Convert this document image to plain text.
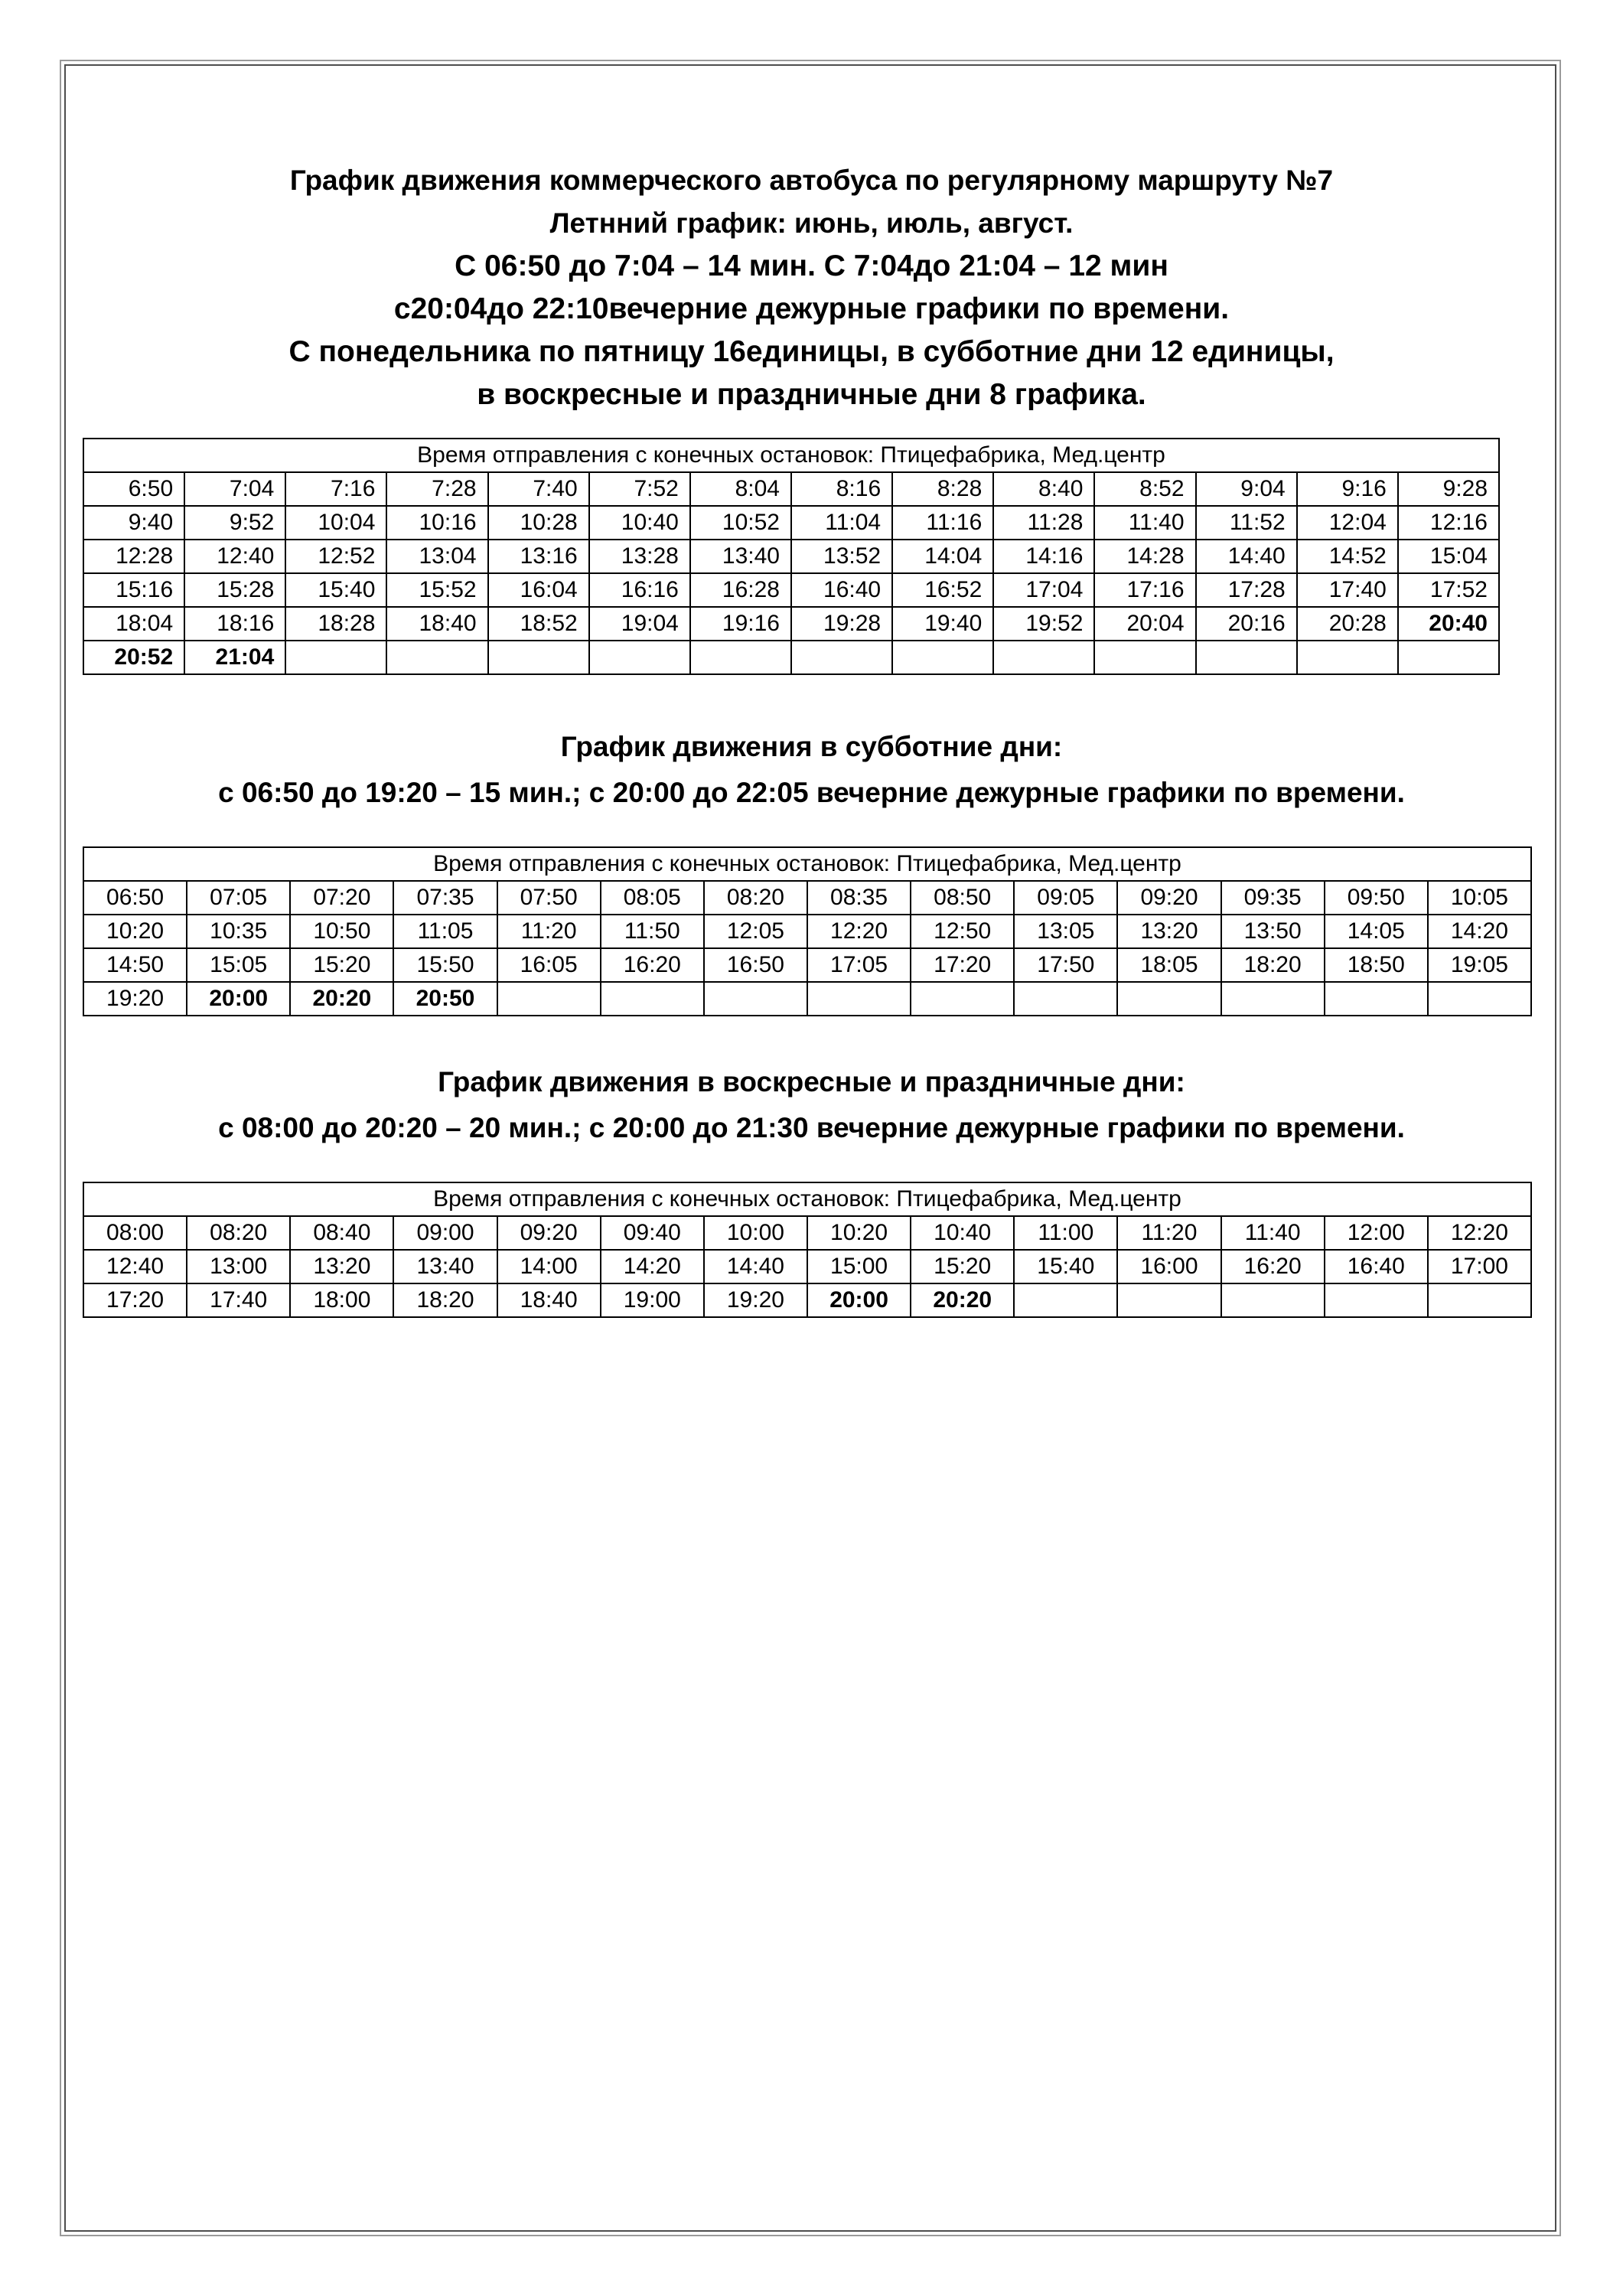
График движения коммерческого автобуса по регулярному маршруту №7
Летнний график: июнь, июль, август.
С 06:50 до 7:04 – 14 мин. С 7:04до 21:04 – 12 мин
с20:04до 22:10вечерние дежурные графики по времени.
С понедельника по пятницу 16единицы, в субботние дни 12 единицы,
в воскресные и праздничные дни 8 графика.
Время отправления с конечных остановок: Птицефабрика, Мед.центр													
6:50	7:04	7:16	7:28	7:40	7:52	8:04	8:16	8:28	8:40	8:52	9:04	9:16	9:28
9:40	9:52	10:04	10:16	10:28	10:40	10:52	11:04	11:16	11:28	11:40	11:52	12:04	12:16
12:28	12:40	12:52	13:04	13:16	13:28	13:40	13:52	14:04	14:16	14:28	14:40	14:52	15:04
15:16	15:28	15:40	15:52	16:04	16:16	16:28	16:40	16:52	17:04	17:16	17:28	17:40	17:52
18:04	18:16	18:28	18:40	18:52	19:04	19:16	19:28	19:40	19:52	20:04	20:16	20:28	20:40
20:52	21:04												
График движения в субботние дни:
с 06:50 до 19:20 – 15 мин.; с 20:00 до 22:05 вечерние дежурные графики по времени.
Время отправления с конечных остановок: Птицефабрика, Мед.центр													
06:50	07:05	07:20	07:35	07:50	08:05	08:20	08:35	08:50	09:05	09:20	09:35	09:50	10:05
10:20	10:35	10:50	11:05	11:20	11:50	12:05	12:20	12:50	13:05	13:20	13:50	14:05	14:20
14:50	15:05	15:20	15:50	16:05	16:20	16:50	17:05	17:20	17:50	18:05	18:20	18:50	19:05
19:20	20:00	20:20	20:50										
График движения в воскресные и праздничные дни:
с 08:00 до 20:20 – 20 мин.; с 20:00 до 21:30 вечерние дежурные графики по времени.
Время отправления с конечных остановок: Птицефабрика, Мед.центр													
08:00	08:20	08:40	09:00	09:20	09:40	10:00	10:20	10:40	11:00	11:20	11:40	12:00	12:20
12:40	13:00	13:20	13:40	14:00	14:20	14:40	15:00	15:20	15:40	16:00	16:20	16:40	17:00
17:20	17:40	18:00	18:20	18:40	19:00	19:20	20:00	20:20					
